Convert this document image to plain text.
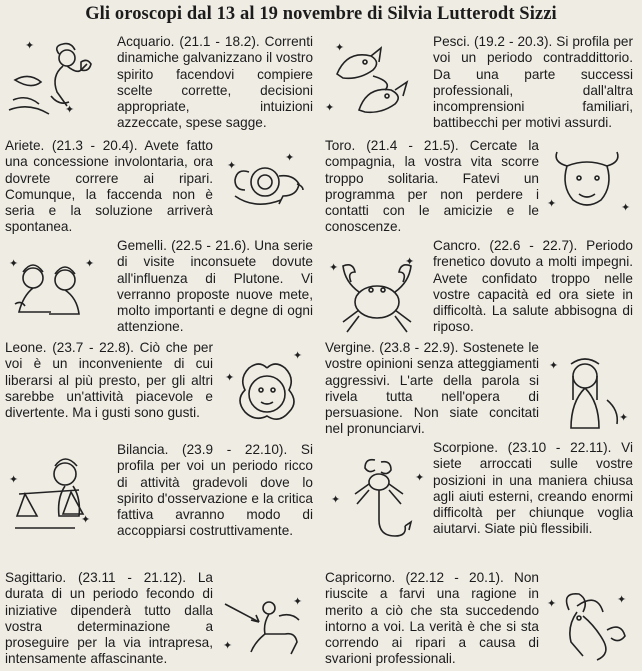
Gli oroscopi dal 13 al 19 novembre di Silvia Lutterodt Sizzi
✦
✦

Acquario. (21.1 - 18.2). Correnti dinamiche galvanizzano il vostro spirito facendovi compiere scelte corrette, decisioni appropriate, intuizioni azzeccate, spese sagge.

Ariete. (21.3 - 20.4). Avete fatto una concessione involontaria, ora dovrete correre ai ripari. Comunque, la faccenda non è seria e la soluzione arriverà spontanea.

✦
✦
✦	✦

Gemelli. (22.5 - 21.6). Una serie di visite inconsuete dovute all'influenza di Plutone. Vi verranno proposte nuove mete, molto importanti e degne di ogni attenzione.

Leone. (23.7 - 22.8). Ciò che per voi è un inconveniente di cui liberarsi al più presto, per gli altri sarebbe un'attività piacevole e divertente. Ma i gusti sono gusti.

✦
✦
✦
✦

Bilancia. (23.9 - 22.10). Si profila per voi un periodo ricco di attività gradevoli dove lo spirito d'osservazione e la critica fattiva avranno modo di accoppiarsi costruttivamente.

Sagittario. (23.11 - 21.12). La durata di un periodo fecondo di iniziative dipenderà tutto dalla vostra determinazione a proseguire per la via intrapresa, intensamente affascinante.

✦
✦
✦
✦

Pesci. (19.2 - 20.3). Si profila per voi un periodo contraddittorio. Da una parte successi professionali, dall'altra incomprensioni familiari, battibecchi per motivi assurdi.

Toro. (21.4 - 21.5). Cercate la compagnia, la vostra vita scorre troppo solitaria. Fatevi un programma per non perdere i contatti con le amicizie e le conoscenze.

✦	✦
✦	✦

Cancro. (22.6 - 22.7). Periodo frenetico dovuto a molti impegni. Avete confidato troppo nelle vostre capacità ed ora siete in difficoltà. La salute abbisogna di riposo.

Vergine. (23.8 - 22.9). Sostenete le vostre opinioni senza atteggiamenti aggressivi. L'arte della parola si rivela tutta nell'opera di persuasione. Non siate concitati nel pronunciarvi.

✦
✦
✦
✦

Scorpione. (23.10 - 22.11). Vi siete arroccati sulle vostre posizioni in una maniera chiusa agli aiuti esterni, creando enormi difficoltà per chiunque voglia aiutarvi. Siate più flessibili.

Capricorno. (22.12 - 20.1). Non riuscite a farvi una ragione in merito a ciò che sta succedendo intorno a voi. La verità è che si sta correndo ai ripari a causa di svarioni professionali.

✦	✦
